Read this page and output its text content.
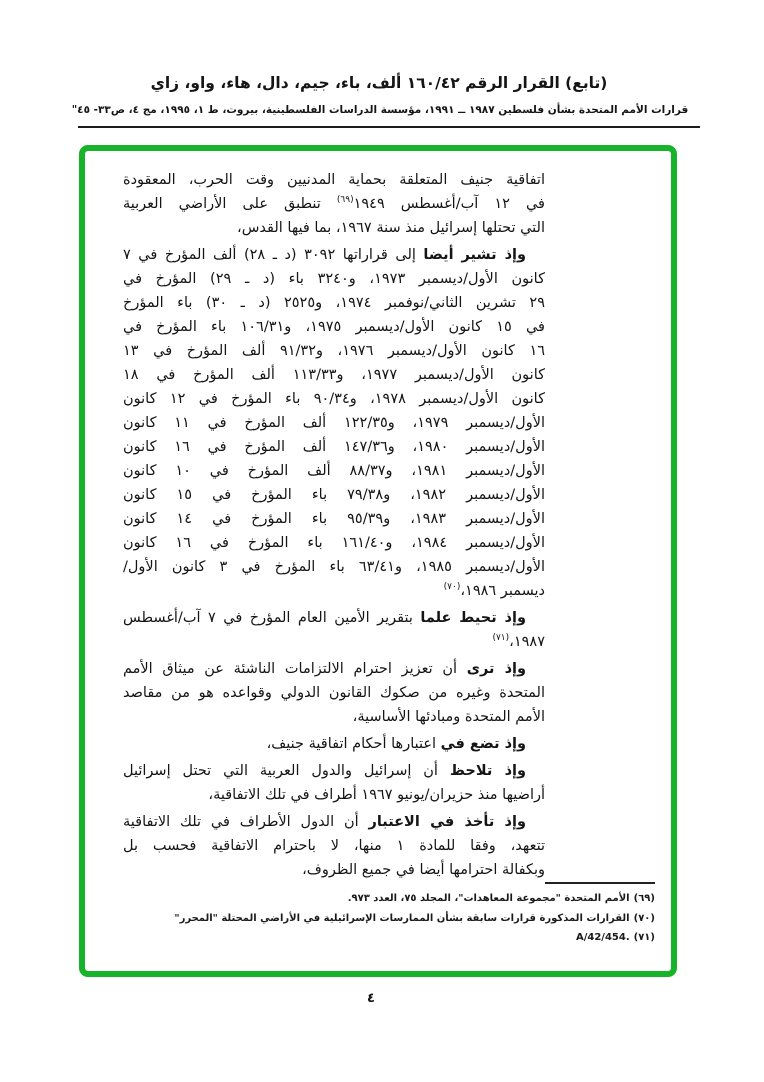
(تابع) القرار الرقم ١٦٠/٤٢ ألف، باء، جيم، دال، هاء، واو، زاي
قرارات الأمم المتحدة بشأن فلسطين ١٩٨٧ ــ ١٩٩١، مؤسسة الدراسات الفلسطينية، بيروت، ط ١، ١٩٩٥، مج ٤، ص٣٣- ٤٥"
اتفاقية جنيف المتعلقة بحماية المدنيين وقت الحرب، المعقودة
في ١٢ آب/أغسطس ١٩٤٩$^{(٦٩)}$ تنطبق على الأراضي العربية
التي تحتلها إسرائيل منذ سنة ١٩٦٧، بما فيها القدس،
وإذ تشير أيضا إلى قراراتها ٣٠٩٢ (د ـ ٢٨) ألف المؤرخ في ٧
كانون الأول/ديسمبر ١٩٧٣، و٣٢٤٠ باء (د ـ ٢٩) المؤرخ في
٢٩ تشرين الثاني/نوفمبر ١٩٧٤، و٢٥٢٥ (د ـ ٣٠) باء المؤرخ
في ١٥ كانون الأول/ديسمبر ١٩٧٥، و١٠٦/٣١ باء المؤرخ في
١٦ كانون الأول/ديسمبر ١٩٧٦، و٩١/٣٢ ألف المؤرخ في ١٣
كانون الأول/ديسمبر ١٩٧٧، و١١٣/٣٣ ألف المؤرخ في ١٨
كانون الأول/ديسمبر ١٩٧٨، و٩٠/٣٤ باء المؤرخ في ١٢ كانون
الأول/ديسمبر ١٩٧٩، و١٢٢/٣٥ ألف المؤرخ في ١١ كانون
الأول/ديسمبر ١٩٨٠، و١٤٧/٣٦ ألف المؤرخ في ١٦ كانون
الأول/ديسمبر ١٩٨١، و٨٨/٣٧ ألف المؤرخ في ١٠ كانون
الأول/ديسمبر ١٩٨٢، و٧٩/٣٨ باء المؤرخ في ١٥ كانون
الأول/ديسمبر ١٩٨٣، و٩٥/٣٩ باء المؤرخ في ١٤ كانون
الأول/ديسمبر ١٩٨٤، و١٦١/٤٠ باء المؤرخ في ١٦ كانون
الأول/ديسمبر ١٩٨٥، و٦٣/٤١ باء المؤرخ في ٣ كانون الأول/
ديسمبر ١٩٨٦،$^{(٧٠)}$
وإذ تحيط علما بتقرير الأمين العام المؤرخ في ٧ آب/أغسطس
١٩٨٧،$^{(٧١)}$
وإذ ترى أن تعزيز احترام الالتزامات الناشئة عن ميثاق الأمم
المتحدة وغيره من صكوك القانون الدولي وقواعده هو من مقاصد
الأمم المتحدة ومبادئها الأساسية،
وإذ تضع في اعتبارها أحكام اتفاقية جنيف،
وإذ تلاحظ أن إسرائيل والدول العربية التي تحتل إسرائيل
أراضيها منذ حزيران/يونيو ١٩٦٧ أطراف في تلك الاتفاقية،
وإذ تأخذ في الاعتبار أن الدول الأطراف في تلك الاتفاقية
تتعهد، وفقا للمادة ١ منها، لا باحترام الاتفاقية فحسب بل
وبكفالة احترامها أيضا في جميع الظروف،
(٦٩)الأمم المتحدة "مجموعة المعاهدات"، المجلد ٧٥، العدد ٩٧٣.
(٧٠)القرارات المذكورة قرارات سابقة بشأن الممارسات الإسرائيلية في الأراضي المحتلة "المحرر"
(٧١)A/42/454.
٤
